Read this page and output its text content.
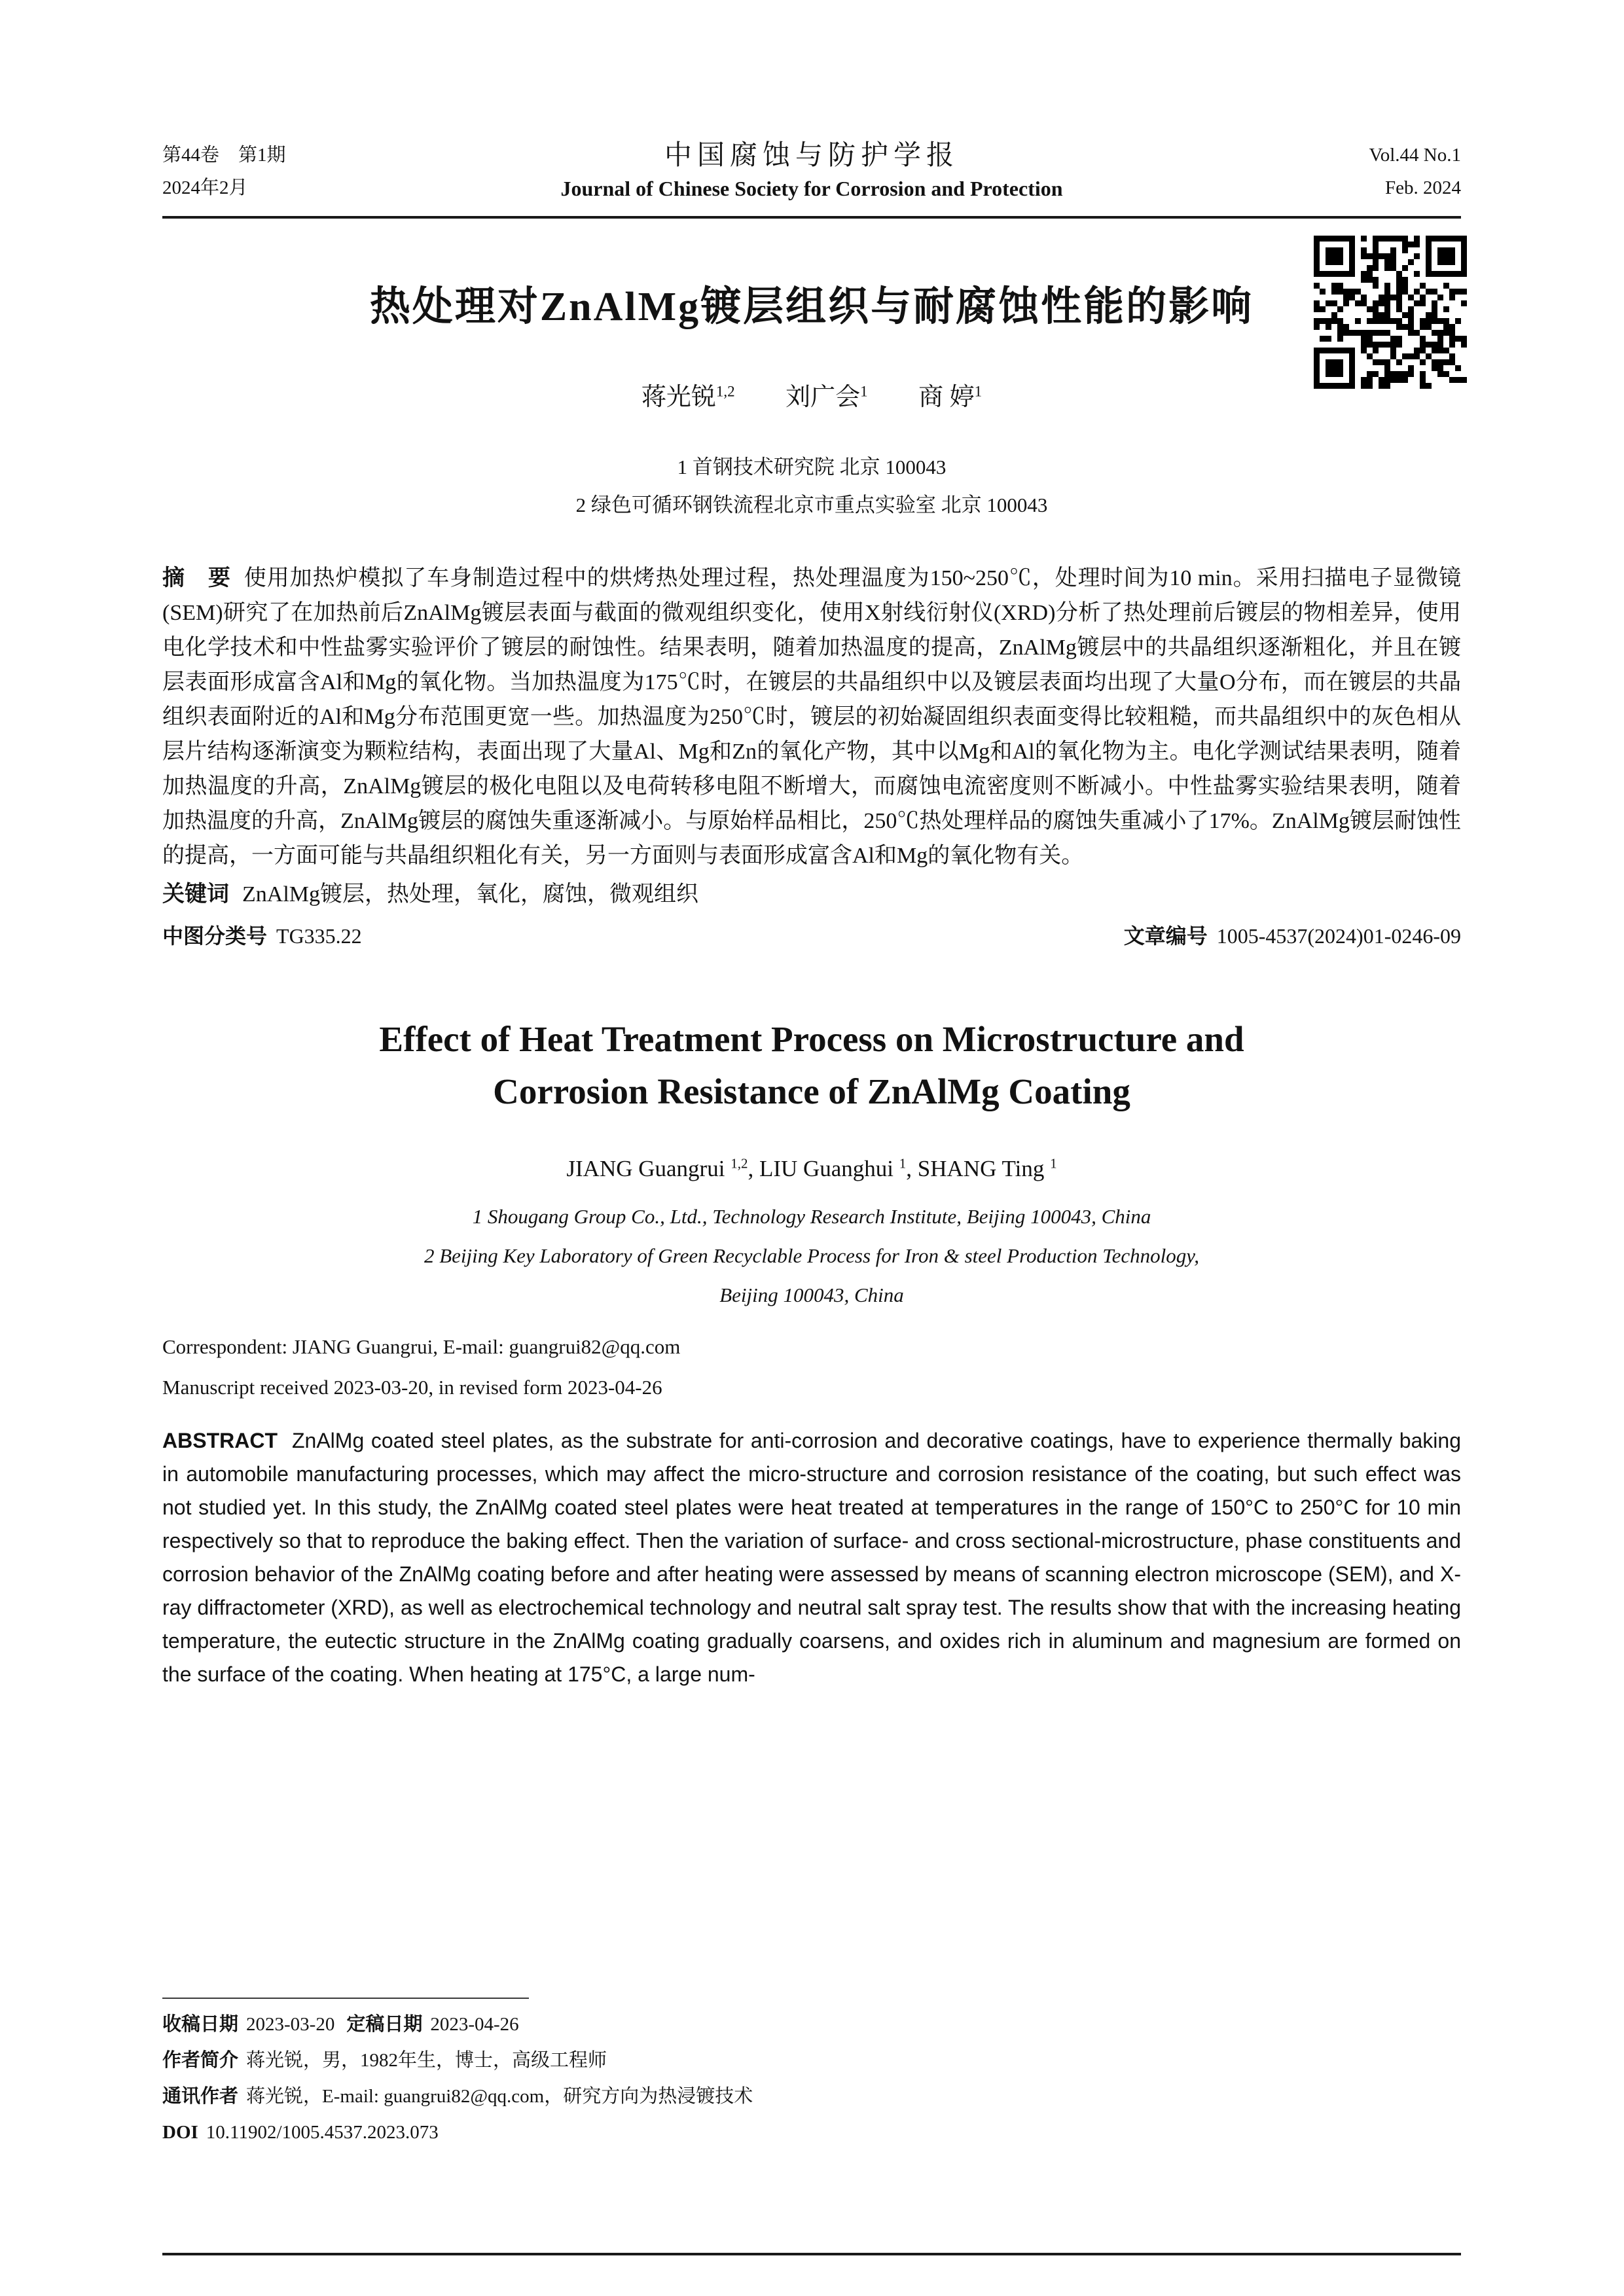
第44卷　第1期
2024年2月
中国腐蚀与防护学报
Journal of Chinese Society for Corrosion and Protection
Vol.44 No.1
Feb. 2024
热处理对ZnAlMg镀层组织与耐腐蚀性能的影响
蒋光锐$^{1,2}$ 刘广会$^1$ 商 婷$^1$
1 首钢技术研究院 北京 100043
2 绿色可循环钢铁流程北京市重点实验室 北京 100043

摘　要 使用加热炉模拟了车身制造过程中的烘烤热处理过程，热处理温度为150~250℃，处理时间为10 min。采用扫描电子显微镜(SEM)研究了在加热前后ZnAlMg镀层表面与截面的微观组织变化，使用X射线衍射仪(XRD)分析了热处理前后镀层的物相差异，使用电化学技术和中性盐雾实验评价了镀层的耐蚀性。结果表明，随着加热温度的提高，ZnAlMg镀层中的共晶组织逐渐粗化，并且在镀层表面形成富含Al和Mg的氧化物。当加热温度为175℃时，在镀层的共晶组织中以及镀层表面均出现了大量O分布，而在镀层的共晶组织表面附近的Al和Mg分布范围更宽一些。加热温度为250℃时，镀层的初始凝固组织表面变得比较粗糙，而共晶组织中的灰色相从层片结构逐渐演变为颗粒结构，表面出现了大量Al、Mg和Zn的氧化产物，其中以Mg和Al的氧化物为主。电化学测试结果表明，随着加热温度的升高，ZnAlMg镀层的极化电阻以及电荷转移电阻不断增大，而腐蚀电流密度则不断减小。中性盐雾实验结果表明，随着加热温度的升高，ZnAlMg镀层的腐蚀失重逐渐减小。与原始样品相比，250℃热处理样品的腐蚀失重减小了17%。ZnAlMg镀层耐蚀性的提高，一方面可能与共晶组织粗化有关，另一方面则与表面形成富含Al和Mg的氧化物有关。

关键词 ZnAlMg镀层，热处理，氧化，腐蚀，微观组织

中图分类号 TG335.22	文章编号 1005-4537(2024)01-0246-09
Effect of Heat Treatment Process on Microstructure and
Corrosion Resistance of ZnAlMg Coating
JIANG Guangrui $^{1,2}$, LIU Guanghui $^1$, SHANG Ting $^1$
1 Shougang Group Co., Ltd., Technology Research Institute, Beijing 100043, China
2 Beijing Key Laboratory of Green Recyclable Process for Iron & steel Production Technology,
Beijing 100043, China
Correspondent: JIANG Guangrui, E-mail: guangrui82@qq.com
Manuscript received 2023-03-20, in revised form 2023-04-26

ABSTRACT ZnAlMg coated steel plates, as the substrate for anti-corrosion and decorative coatings, have to experience thermally baking in automobile manufacturing processes, which may affect the micro-structure and corrosion resistance of the coating, but such effect was not studied yet. In this study, the ZnAlMg coated steel plates were heat treated at temperatures in the range of 150°C to 250°C for 10 min respectively so that to reproduce the baking effect. Then the variation of surface- and cross sectional-microstructure, phase constituents and corrosion behavior of the ZnAlMg coating before and after heating were assessed by means of scanning electron microscope (SEM), and X-ray diffractometer (XRD), as well as electrochemical technology and neutral salt spray test. The results show that with the increasing heating temperature, the eutectic structure in the ZnAlMg coating gradually coarsens, and oxides rich in aluminum and magnesium are formed on the surface of the coating. When heating at 175°C, a large num-

收稿日期 2023-03-20 定稿日期 2023-04-26
作者简介 蒋光锐，男，1982年生，博士，高级工程师
通讯作者 蒋光锐，E-mail: guangrui82@qq.com，研究方向为热浸镀技术
DOI 10.11902/1005.4537.2023.073
